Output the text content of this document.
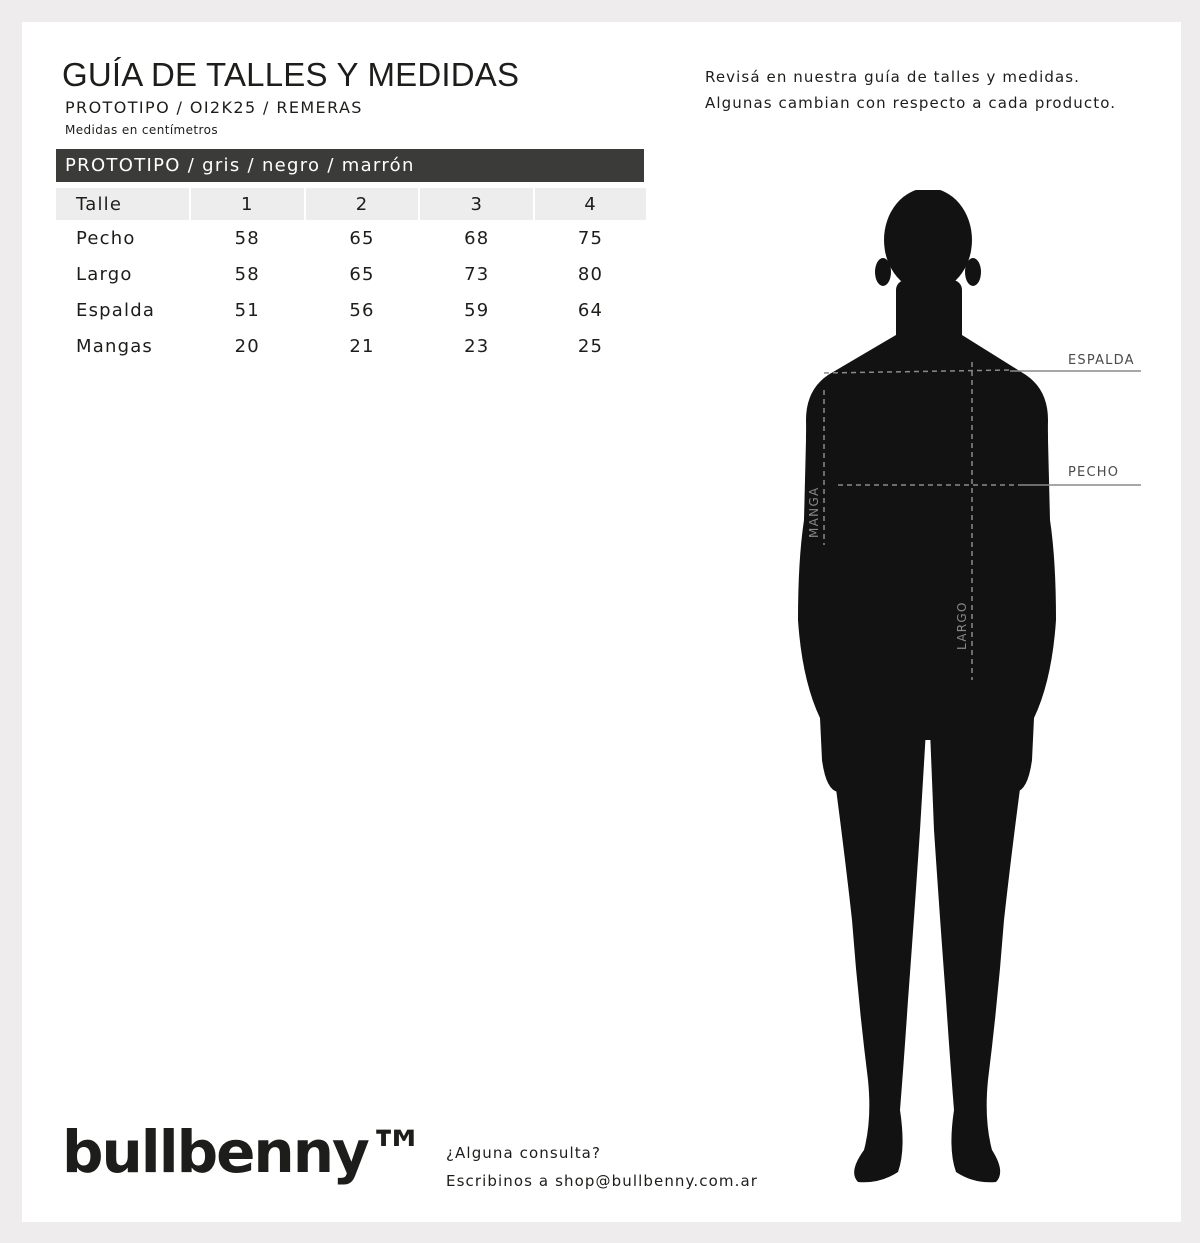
GUÍA DE TALLES Y MEDIDAS
PROTOTIPO / OI2K25 / REMERAS
Medidas en centímetros
Revisá en nuestra guía de talles y medidas.
Algunas cambian con respecto a cada producto.
PROTOTIPO / gris / negro / marrón
Talle		1		2		3		4
Pecho		58		65		68		75
Largo		58		65		73		80
Espalda		51		56		59		64
Mangas		20		21		23		25
ESPALDA
PECHO
MANGA
LARGO
bullbenny™ ¿Alguna consulta?
Escribinos a shop@bullbenny.com.ar
